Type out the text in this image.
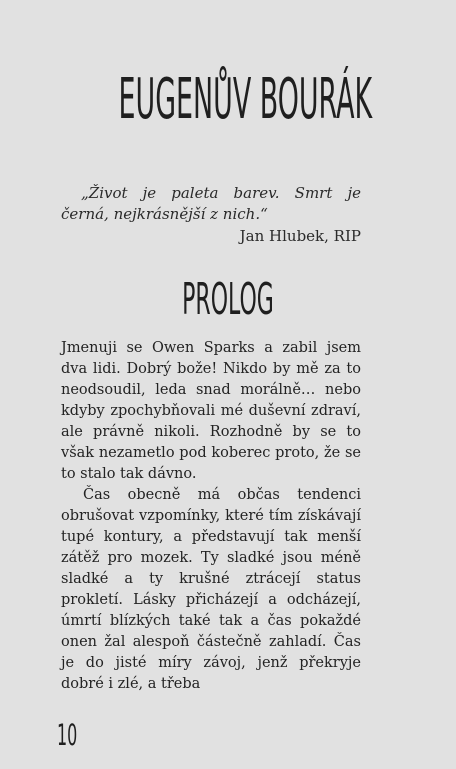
EUGENŮV BOURÁK

„Život je paleta barev. Smrt je černá, nejkrásnější z nich.“

Jan Hlubek, RIP

PROLOG

Jmenuji se Owen Sparks a zabil jsem dva lidi. Dobrý bože! Nikdo by mě za to neodsoudil, leda snad morálně… nebo kdyby zpochybňovali mé duševní zdraví, ale právně nikoli. Rozhodně by se to však nezametlo pod koberec proto, že se to stalo tak dávno.

Čas obecně má občas tendenci obrušovat vzpomínky, které tím získávají tupé kontury, a představují tak menší zátěž pro mozek. Ty sladké jsou méně sladké a ty krušné ztrácejí status prokletí. Lásky přicházejí a odcházejí, úmrtí blízkých také tak a čas pokaždé onen žal alespoň částečně zahladí. Čas je do jisté míry závoj, jenž překryje dobré i zlé, a třeba

10
